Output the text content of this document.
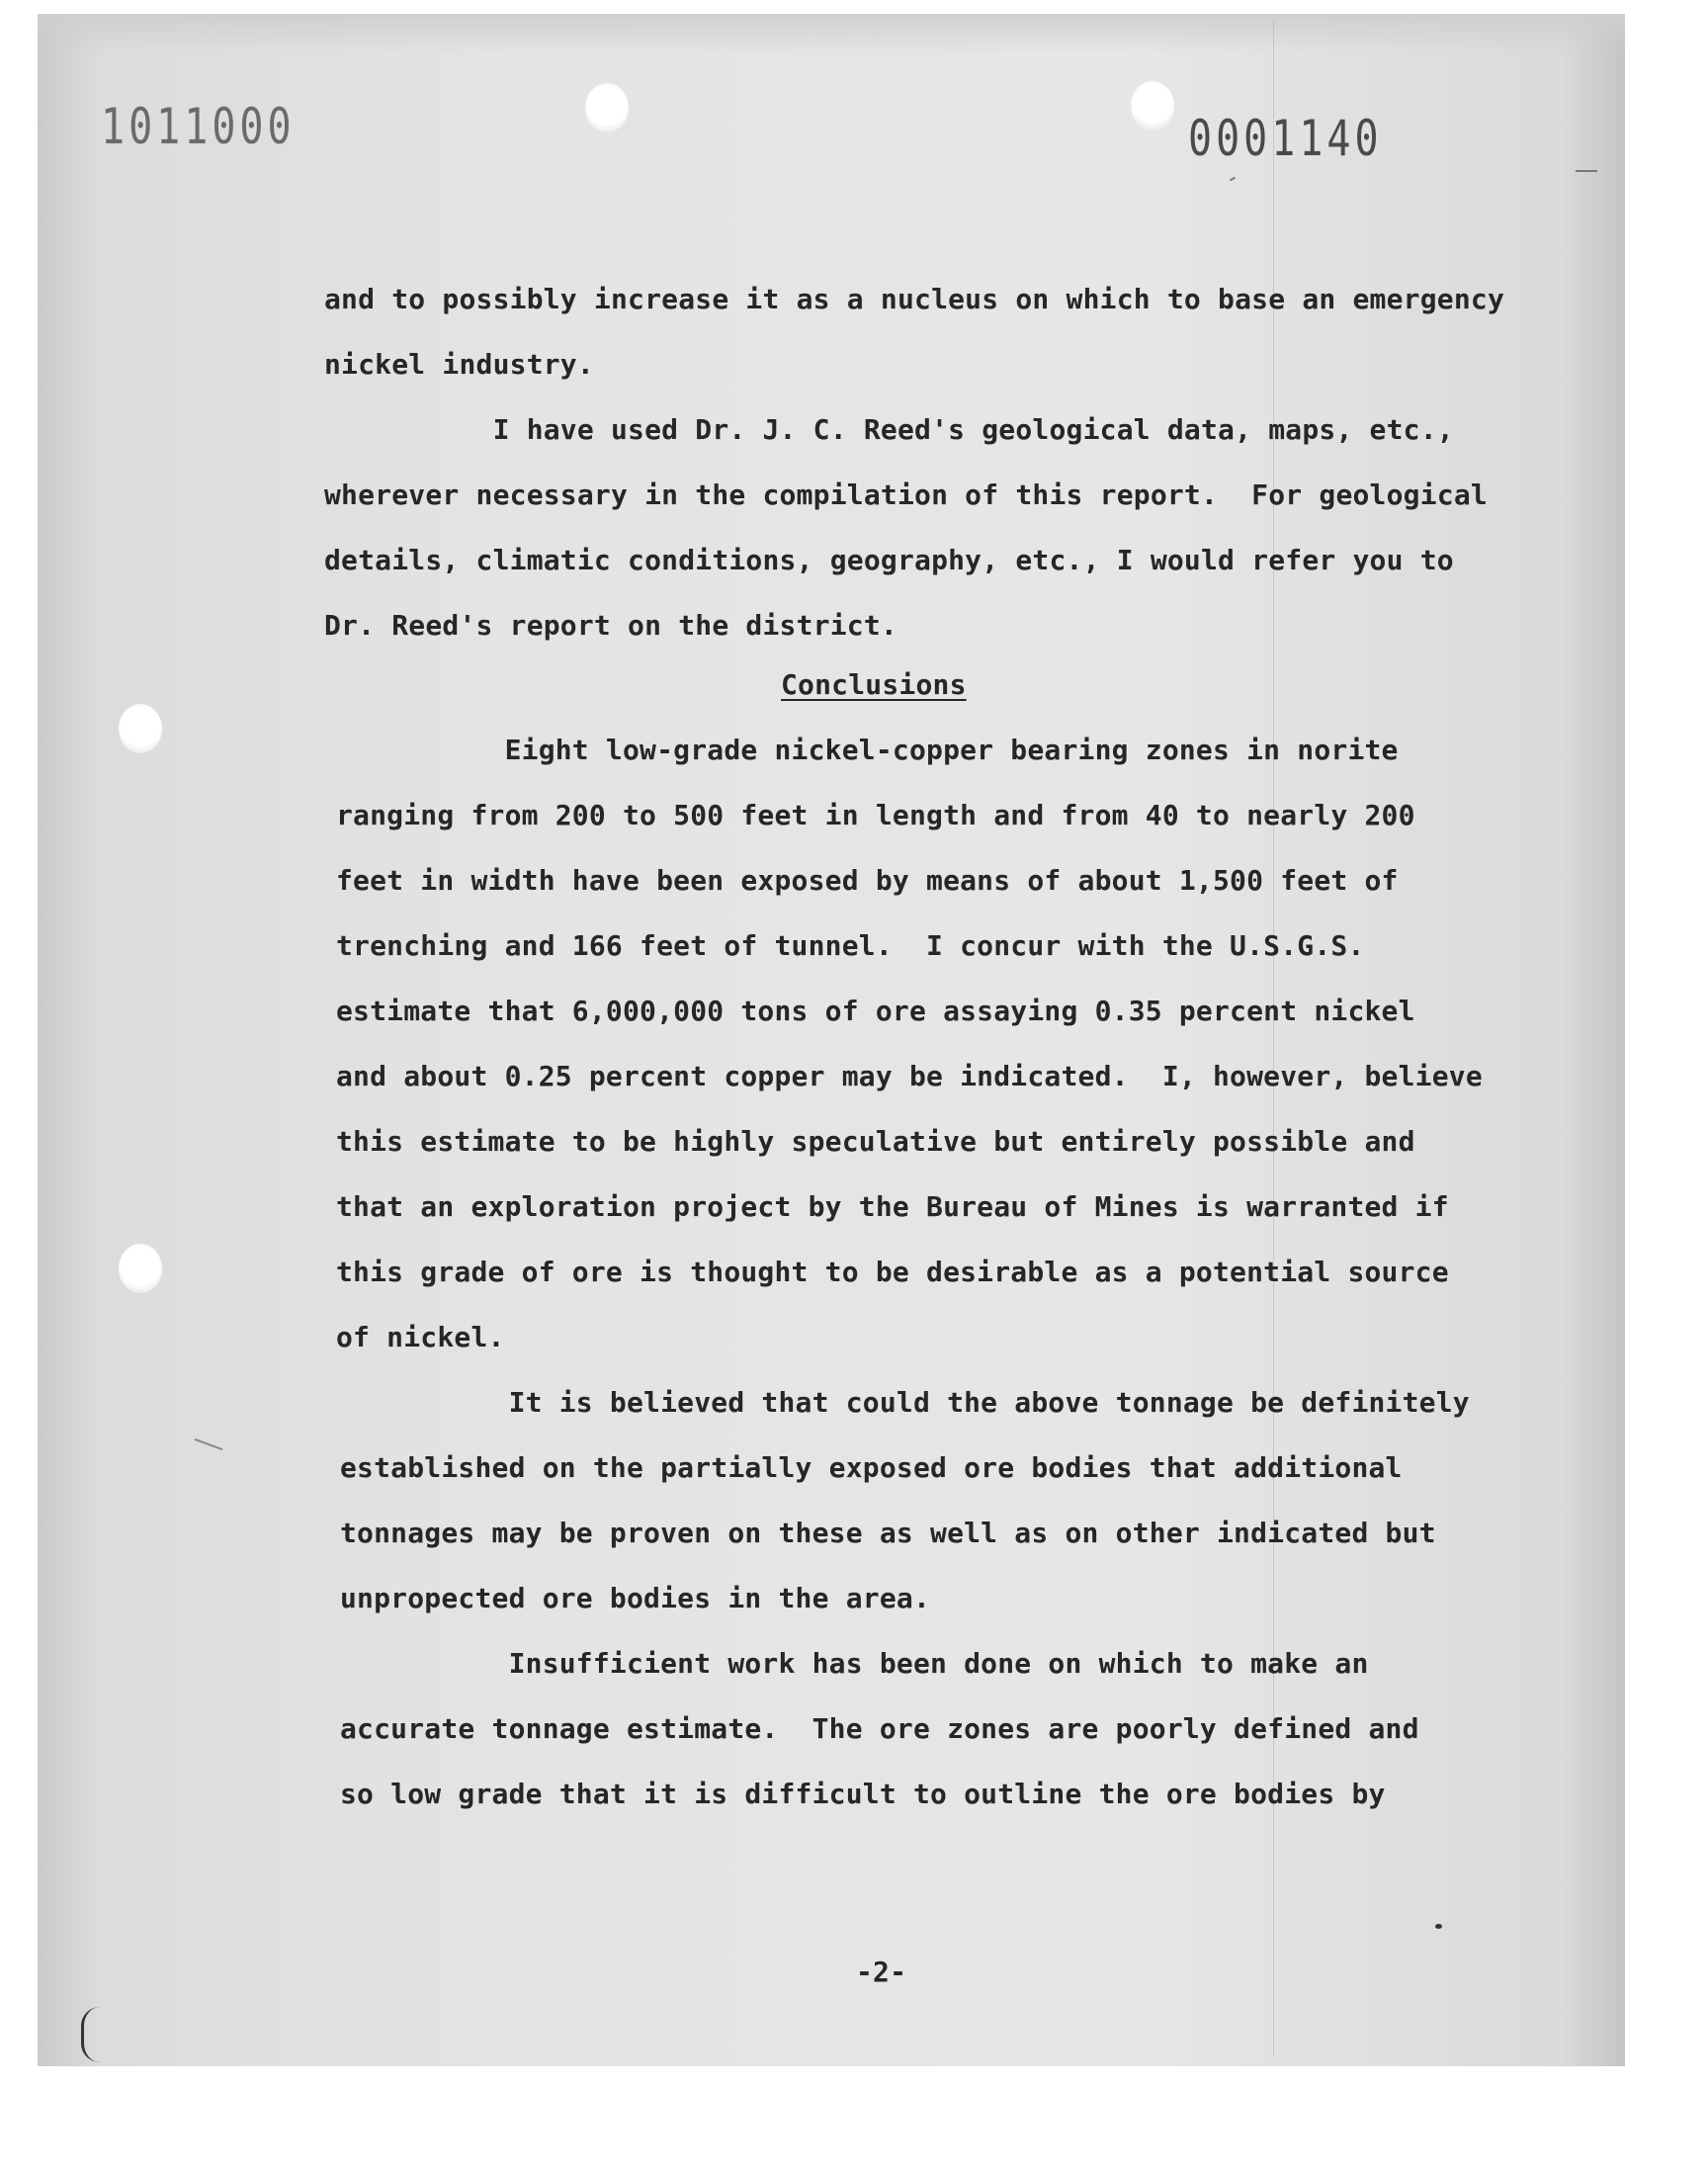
1011000	0001140
and to possibly increase it as a nucleus on which to base an emergency
nickel industry.
I have used Dr. J. C. Reed's geological data, maps, etc.,
wherever necessary in the compilation of this report.  For geological
details, climatic conditions, geography, etc., I would refer you to
Dr. Reed's report on the district.
Conclusions
Eight low-grade nickel-copper bearing zones in norite
ranging from 200 to 500 feet in length and from 40 to nearly 200
feet in width have been exposed by means of about 1,500 feet of
trenching and 166 feet of tunnel.  I concur with the U.S.G.S.
estimate that 6,000,000 tons of ore assaying 0.35 percent nickel
and about 0.25 percent copper may be indicated.  I, however, believe
this estimate to be highly speculative but entirely possible and
that an exploration project by the Bureau of Mines is warranted if
this grade of ore is thought to be desirable as a potential source
of nickel.
It is believed that could the above tonnage be definitely
established on the partially exposed ore bodies that additional
tonnages may be proven on these as well as on other indicated but
unpropected ore bodies in the area.
Insufficient work has been done on which to make an
accurate tonnage estimate.  The ore zones are poorly defined and
so low grade that it is difficult to outline the ore bodies by
-2-
